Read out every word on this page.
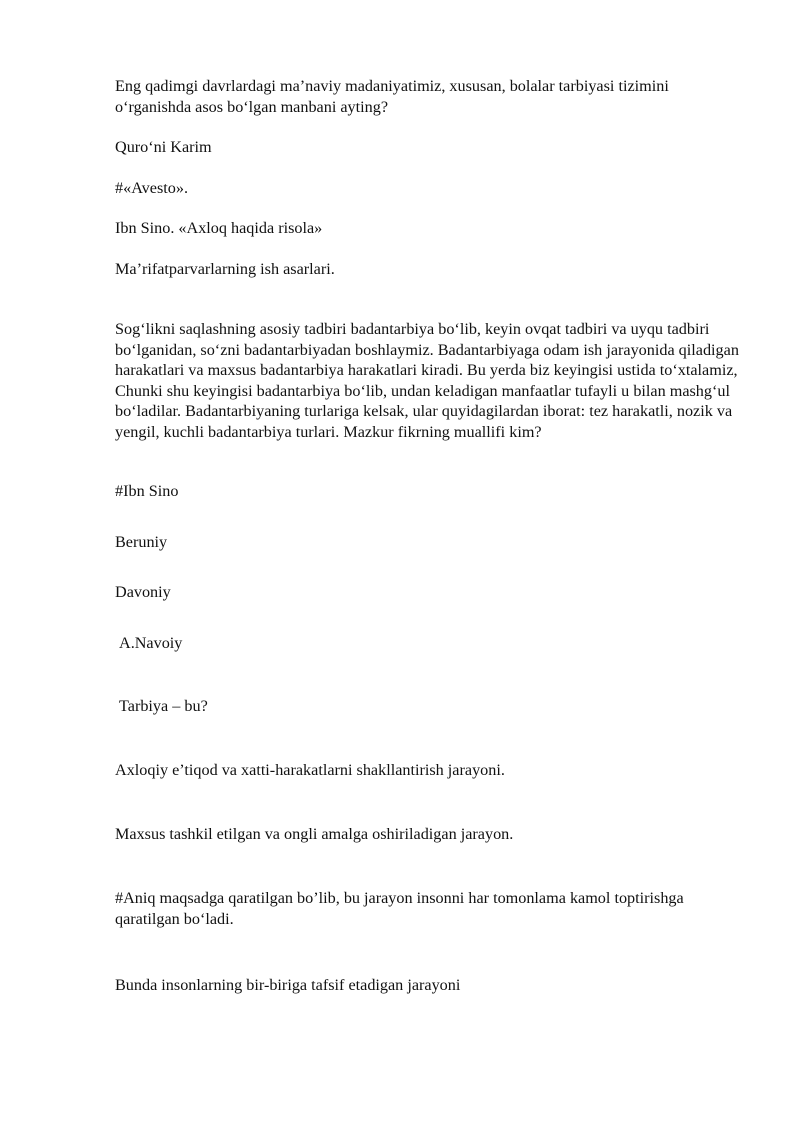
Eng qadimgi davrlardagi ma’naviy madaniyatimiz, xususan, bolalar tarbiyasi tizimini o‘rganishda asos bo‘lgan manbani ayting?

Quro‘ni Karim

#«Avesto».

Ibn Sino. «Axloq haqida risola»

Ma’rifatparvarlarning ish asarlari.

Sog‘likni saqlashning asosiy tadbiri badantarbiya bo‘lib, keyin ovqat tadbiri va uyqu tadbiri bo‘lganidan, so‘zni badantarbiyadan boshlaymiz. Badantarbiyaga odam ish jarayonida qiladigan harakatlari va maxsus badantarbiya harakatlari kiradi. Bu yerda biz keyingisi ustida to‘xtalamiz, Chunki shu keyingisi badantarbiya bo‘lib, undan keladigan manfaatlar tufayli u bilan mashg‘ul bo‘ladilar. Badantarbiyaning turlariga kelsak, ular quyidagilardan iborat: tez harakatli, nozik va yengil, kuchli badantarbiya turlari. Mazkur fikrning muallifi kim?

#Ibn Sino

Beruniy

Davoniy

A.Navoiy

Tarbiya – bu?

Axloqiy e’tiqod va xatti-harakatlarni shakllantirish jarayoni.

Maxsus tashkil etilgan va ongli amalga oshiriladigan jarayon.

#Aniq maqsadga qaratilgan bo’lib, bu jarayon insonni har tomonlama kamol toptirishga qaratilgan bo‘ladi.

Bunda insonlarning bir-biriga tafsif etadigan jarayoni
